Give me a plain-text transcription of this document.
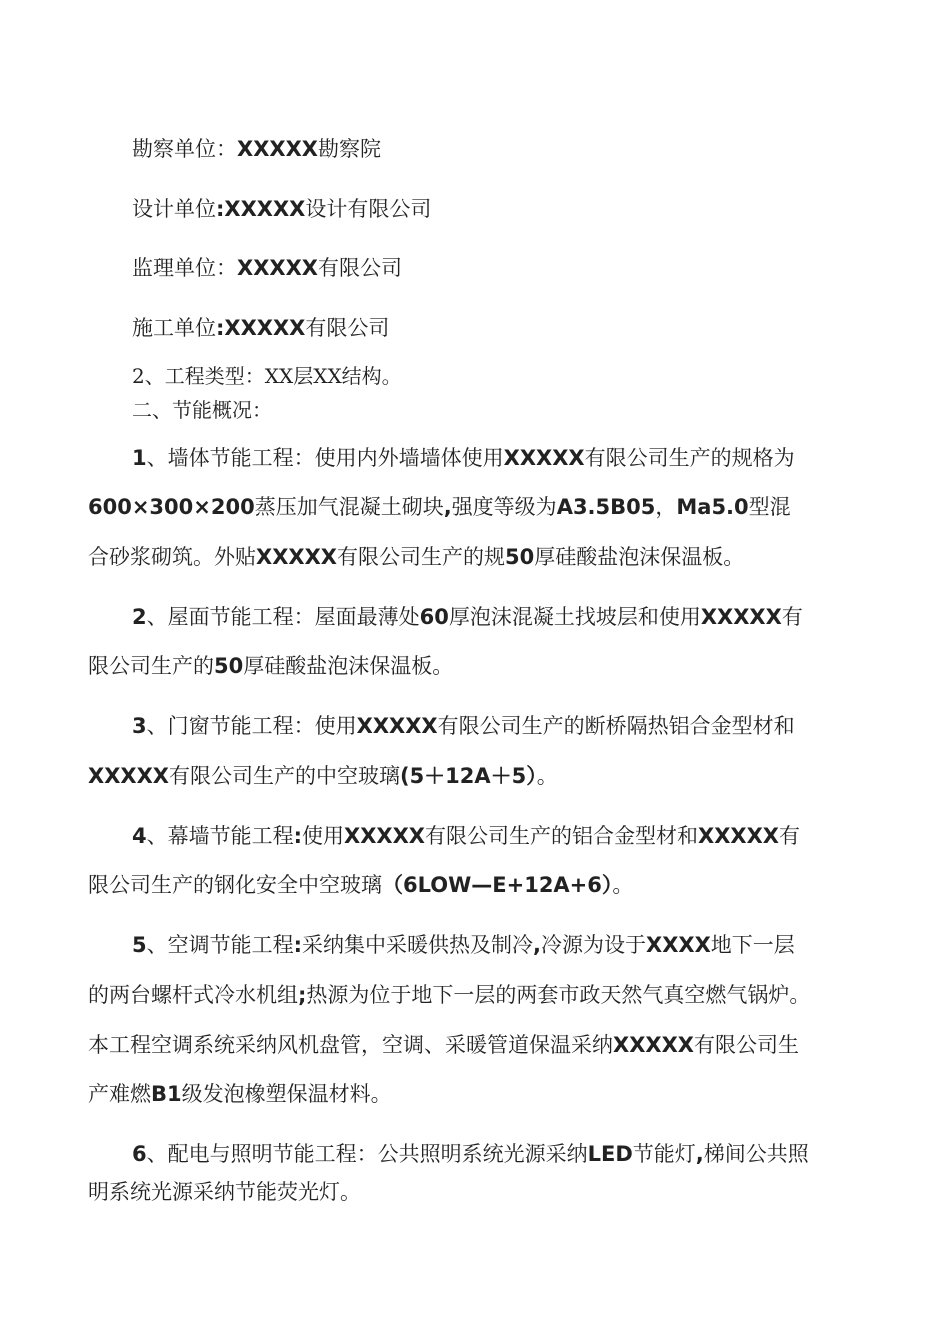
勘察单位：XXXXX勘察院
设计单位:XXXXX设计有限公司
监理单位：XXXXX有限公司
施工单位:XXXXX有限公司
2、工程类型：XX层XX结构。
二、节能概况：
1、墙体节能工程：使用内外墙墙体使用XXXXX有限公司生产的规格为
600×300×200蒸压加气混凝土砌块,强度等级为A3.5B05，Ma5.0型混
合砂浆砌筑。外贴XXXXX有限公司生产的规50厚硅酸盐泡沫保温板。
2、屋面节能工程：屋面最薄处60厚泡沫混凝土找坡层和使用XXXXX有
限公司生产的50厚硅酸盐泡沫保温板。
3、门窗节能工程：使用XXXXX有限公司生产的断桥隔热铝合金型材和
XXXXX有限公司生产的中空玻璃(5＋12A＋5）。
4、幕墙节能工程:使用XXXXX有限公司生产的铝合金型材和XXXXX有
限公司生产的钢化安全中空玻璃（6LOW—E+12A+6）。
5、空调节能工程:采纳集中采暖供热及制冷,冷源为设于XXXX地下一层
的两台螺杆式冷水机组;热源为位于地下一层的两套市政天然气真空燃气锅炉。
本工程空调系统采纳风机盘管，空调、采暖管道保温采纳XXXXX有限公司生
产难燃B1级发泡橡塑保温材料。
6、配电与照明节能工程：公共照明系统光源采纳LED节能灯,梯间公共照
明系统光源采纳节能荧光灯。
